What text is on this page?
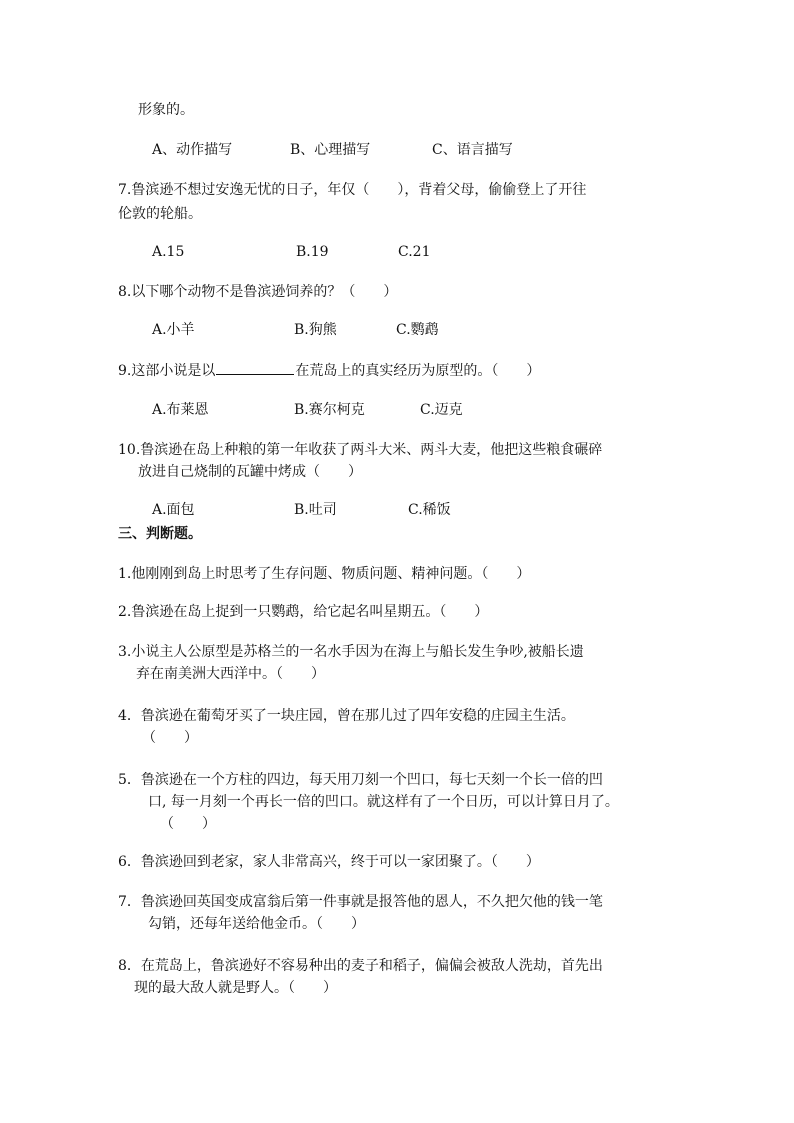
形象的。
A、动作描写	B、心理描写	C、语言描写
7.鲁滨逊不想过安逸无忧的日子，年仅（　　），背着父母，偷偷登上了开往
伦敦的轮船。
A.15	B.19	C.21
8.以下哪个动物不是鲁滨逊饲养的？（　　）
A.小羊	B.狗熊	C.鹦鹉
9.这部小说是以	在荒岛上的真实经历为原型的。（　　）
A.布莱恩	B.赛尔柯克	C.迈克
10.鲁滨逊在岛上种粮的第一年收获了两斗大米、两斗大麦，他把这些粮食碾碎
放进自己烧制的瓦罐中烤成（　　）
A.面包	B.吐司	C.稀饭
三、判断题。
1.他刚刚到岛上时思考了生存问题、物质问题、精神问题。（　　）
2.鲁滨逊在岛上捉到一只鹦鹉，给它起名叫星期五。（　　）
3.小说主人公原型是苏格兰的一名水手因为在海上与船长发生争吵,被船长遗
弃在南美洲大西洋中。（　　）
4．鲁滨逊在葡萄牙买了一块庄园，曾在那儿过了四年安稳的庄园主生活。
（　　）
5．鲁滨逊在一个方柱的四边，每天用刀刻一个凹口，每七天刻一个长一倍的凹
口, 每一月刻一个再长一倍的凹口。就这样有了一个日历，可以计算日月了。
（　　）
6．鲁滨逊回到老家，家人非常高兴，终于可以一家团聚了。（　　）
7．鲁滨逊回英国变成富翁后第一件事就是报答他的恩人，不久把欠他的钱一笔
勾销，还每年送给他金币。（　　）
8．在荒岛上，鲁滨逊好不容易种出的麦子和稻子，偏偏会被敌人洗劫，首先出
现的最大敌人就是野人。（　　）
